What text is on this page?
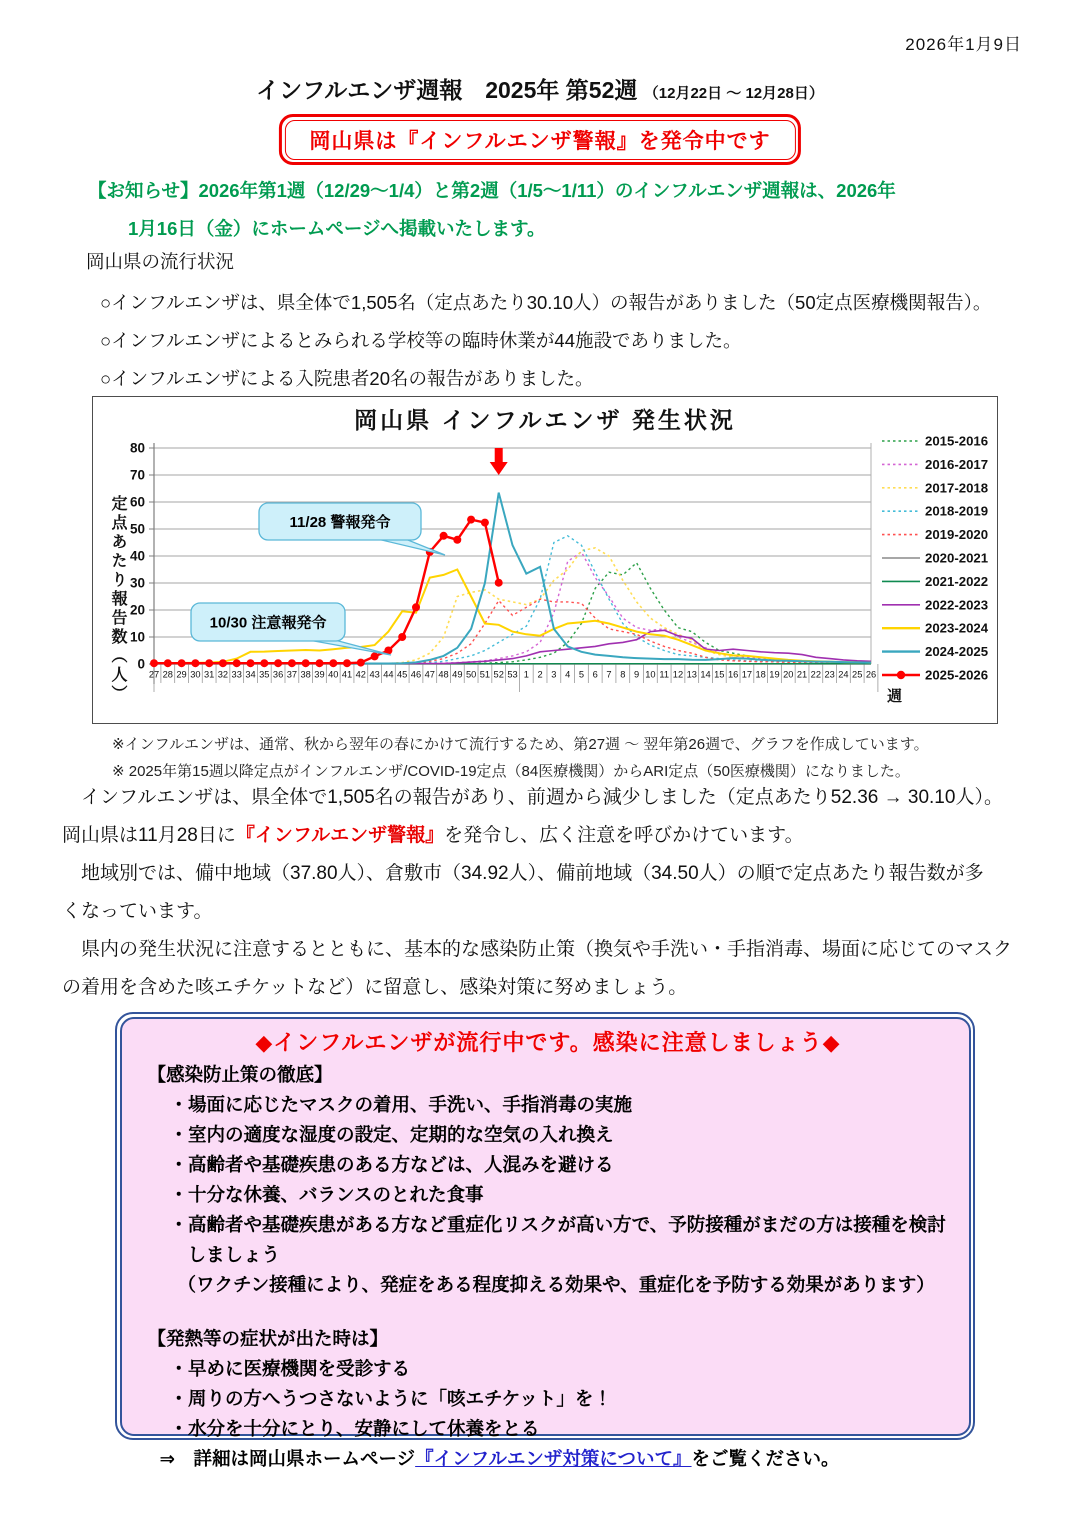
2026年1月9日
インフルエンザ週報　2025年 第52週 （12月22日 ～ 12月28日）
岡山県は『インフルエンザ警報』を発令中です
【お知らせ】2026年第1週（12/29～1/4）と第2週（1/5～1/11）のインフルエンザ週報は、2026年
1月16日（金）にホームページへ掲載いたします。
岡山県の流行状況
○インフルエンザは、県全体で1,505名（定点あたり30.10人）の報告がありました（50定点医療機関報告）。
○インフルエンザによるとみられる学校等の臨時休業が44施設でありました。
○インフルエンザによる入院患者20名の報告がありました。
0
10
20
30
40
50
60
70
80
27 28 29 30 31 32 33 34 35 36 37 38 39 40 41 42 43 44 45 46 47 48 49 50 51 52 53 1 2 3 4 5 6 7 8 9 10 11 12 13 14 15 16 17 18 19 20 21 22 23 24 25 26
2015-2016
2016-2017
2017-2018
2018-2019
2019-2020
2020-2021
2021-2022
2022-2023
2023-2024
2024-2025
2025-2026
11/28 警報発令
10/30 注意報発令
岡山県 インフルエンザ 発生状況
定点あたり報告数（人）	週
※インフルエンザは、通常、秋から翌年の春にかけて流行するため、第27週 ～ 翌年第26週で、グラフを作成しています。
※ 2025年第15週以降定点がインフルエンザ/COVID-19定点（84医療機関）からARI定点（50医療機関）になりました。
　インフルエンザは、県全体で1,505名の報告があり、前週から減少しました（定点あたり52.36 → 30.10人）。
岡山県は11月28日に『インフルエンザ警報』を発令し、広く注意を呼びかけています。
　地域別では、備中地域（37.80人）、倉敷市（34.92人）、備前地域（34.50人）の順で定点あたり報告数が多
くなっています。
　県内の発生状況に注意するとともに、基本的な感染防止策（換気や手洗い・手指消毒、場面に応じてのマスク
の着用を含めた咳エチケットなど）に留意し、感染対策に努めましょう。
◆インフルエンザが流行中です。感染に注意しましょう◆
【感染防止策の徹底】
・場面に応じたマスクの着用、手洗い、手指消毒の実施
・室内の適度な湿度の設定、定期的な空気の入れ換え
・高齢者や基礎疾患のある方などは、人混みを避ける
・十分な休養、バランスのとれた食事
・高齢者や基礎疾患がある方など重症化リスクが高い方で、予防接種がまだの方は接種を検討
しましょう
（ワクチン接種により、発症をある程度抑える効果や、重症化を予防する効果があります）
【発熱等の症状が出た時は】
・早めに医療機関を受診する
・周りの方へうつさないように「咳エチケット」を！
・水分を十分にとり、安静にして休養をとる
⇒　詳細は岡山県ホームページ『インフルエンザ対策について』をご覧ください。
